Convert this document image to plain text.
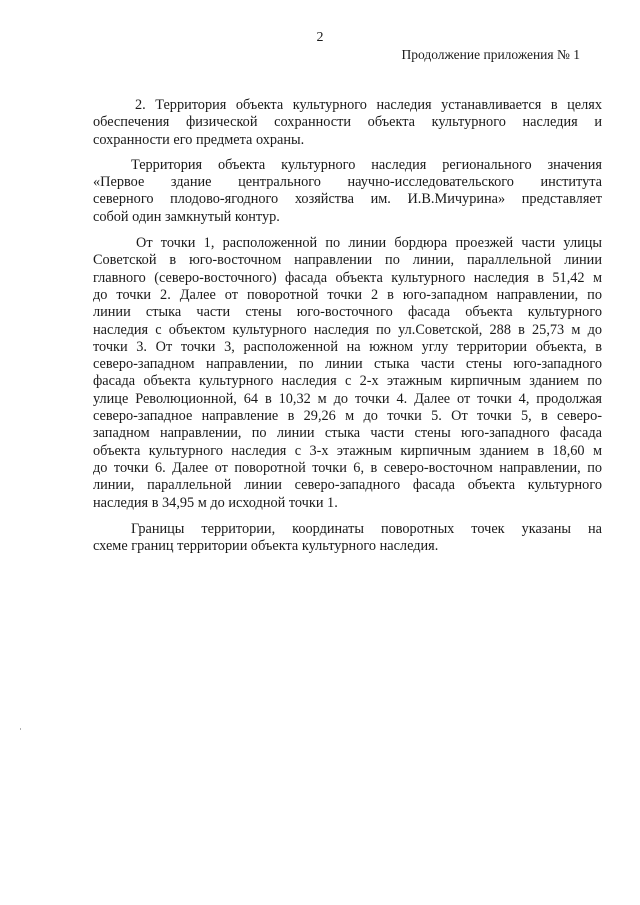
2
Продолжение приложения № 1

2. Территория объекта культурного наследия устанавливается в целях
обеспечения физической сохранности объекта культурного наследия и
сохранности его предмета охраны.

Территория объекта культурного наследия регионального значения
«Первое здание центрального научно-исследовательского института
северного плодово-ягодного хозяйства им. И.В.Мичурина» представляет
собой один замкнутый контур.

От точки 1, расположенной по линии бордюра проезжей части улицы
Советской в юго-восточном направлении по линии, параллельной линии
главного (северо-восточного) фасада объекта культурного наследия в 51,42 м
до точки 2. Далее от поворотной точки 2 в юго-западном направлении, по
линии стыка части стены юго-восточного фасада объекта культурного
наследия с объектом культурного наследия по ул.Советской, 288 в 25,73 м до
точки 3. От точки 3, расположенной на южном углу территории объекта, в
северо-западном направлении, по линии стыка части стены юго-западного
фасада объекта культурного наследия с 2-х этажным кирпичным зданием по
улице Революционной, 64 в 10,32 м до точки 4. Далее от точки 4, продолжая
северо-западное направление в 29,26 м до точки 5. От точки 5, в северо-
западном направлении, по линии стыка части стены юго-западного фасада
объекта культурного наследия с 3-х этажным кирпичным зданием в 18,60 м
до точки 6. Далее от поворотной точки 6, в северо-восточном направлении, по
линии, параллельной линии северо-западного фасада объекта культурного
наследия в 34,95 м до исходной точки 1.

Границы территории, координаты поворотных точек указаны на
схеме границ территории объекта культурного наследия.
